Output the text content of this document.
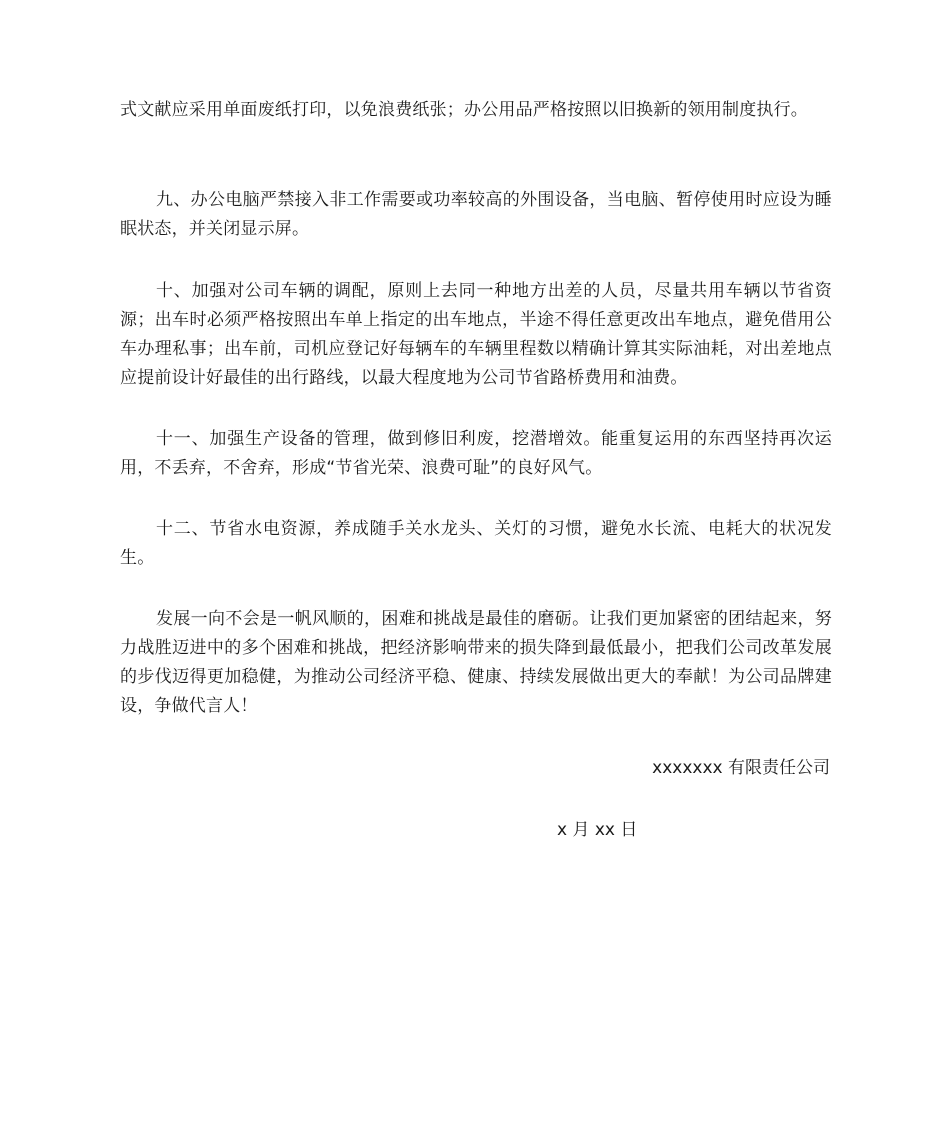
式文献应采用单面废纸打印，以免浪费纸张；办公用品严格按照以旧换新的领用制度执行。

九、办公电脑严禁接入非工作需要或功率较高的外围设备，当电脑、暂停使用时应设为睡眠状态，并关闭显示屏。

十、加强对公司车辆的调配，原则上去同一种地方出差的人员，尽量共用车辆以节省资源；出车时必须严格按照出车单上指定的出车地点，半途不得任意更改出车地点，避免借用公车办理私事；出车前，司机应登记好每辆车的车辆里程数以精确计算其实际油耗，对出差地点应提前设计好最佳的出行路线，以最大程度地为公司节省路桥费用和油费。

十一、加强生产设备的管理，做到修旧利废，挖潜增效。能重复运用的东西坚持再次运用，不丢弃，不舍弃，形成“节省光荣、浪费可耻”的良好风气。

十二、节省水电资源，养成随手关水龙头、关灯的习惯，避免水长流、电耗大的状况发生。

发展一向不会是一帆风顺的，困难和挑战是最佳的磨砺。让我们更加紧密的团结起来，努力战胜迈进中的多个困难和挑战，把经济影响带来的损失降到最低最小，把我们公司改革发展的步伐迈得更加稳健，为推动公司经济平稳、健康、持续发展做出更大的奉献！为公司品牌建设，争做代言人！

xxxxxxx 有限责任公司

x 月 xx 日
